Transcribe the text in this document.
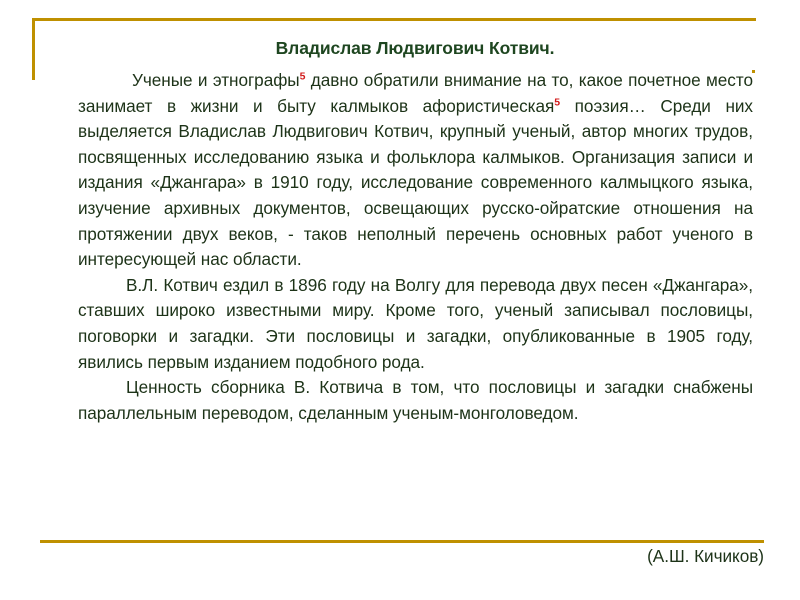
Владислав Людвигович Котвич.

Ученые и этнографы$^5$ давно обратили внимание на то, какое почетное место занимает в жизни и быту калмыков афористическая$^5$ поэзия… Среди них выделяется Владислав Людвигович Котвич, крупный ученый, автор многих трудов, посвященных исследованию языка и фольклора калмыков. Организация записи и издания «Джангара» в 1910 году, исследование современного калмыцкого языка, изучение архивных документов, освещающих русско-ойратские отношения на протяжении двух веков, - таков неполный перечень основных работ ученого в интересующей нас области.

В.Л. Котвич ездил в 1896 году на Волгу для перевода двух песен «Джангара», ставших широко известными миру. Кроме того, ученый записывал пословицы, поговорки и загадки. Эти пословицы и загадки, опубликованные в 1905 году, явились первым изданием подобного рода.

Ценность сборника В. Котвича в том, что пословицы и загадки снабжены параллельным переводом, сделанным ученым-монголоведом.

(А.Ш. Кичиков)
